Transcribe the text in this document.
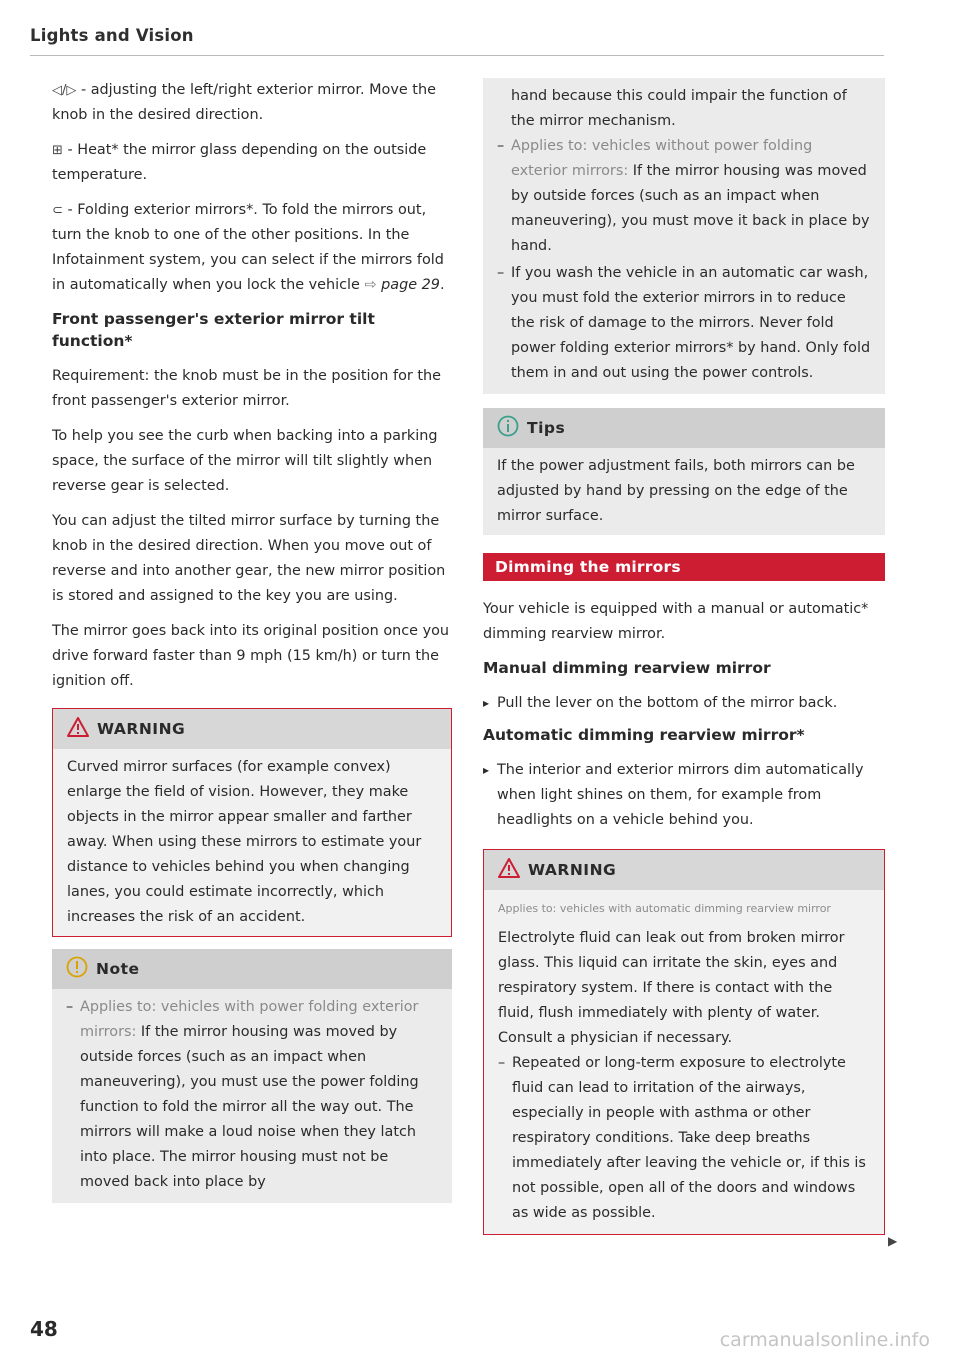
Lights and Vision

◁/▷ - adjusting the left/right exterior mirror. Move the knob in the desired direction.

⊞ - Heat* the mirror glass depending on the outside temperature.

⊂ - Folding exterior mirrors*. To fold the mirrors out, turn the knob to one of the other positions. In the Infotainment system, you can select if the mirrors fold in automatically when you lock the vehicle ⇨ page 29.

Front passenger's exterior mirror tilt function*

Requirement: the knob must be in the position for the front passenger's exterior mirror.

To help you see the curb when backing into a parking space, the surface of the mirror will tilt slightly when reverse gear is selected.

You can adjust the tilted mirror surface by turning the knob in the desired direction. When you move out of reverse and into another gear, the new mirror position is stored and assigned to the key you are using.

The mirror goes back into its original position once you drive forward faster than 9 mph (15 km/h) or turn the ignition off.

WARNING

Curved mirror surfaces (for example convex) enlarge the field of vision. However, they make objects in the mirror appear smaller and farther away. When using these mirrors to estimate your distance to vehicles behind you when changing lanes, you could estimate incorrectly, which increases the risk of an accident.

Note
– Applies to: vehicles with power folding exterior mirrors: If the mirror housing was moved by outside forces (such as an impact when maneuvering), you must use the power folding function to fold the mirror all the way out. The mirrors will make a loud noise when they latch into place. The mirror housing must not be moved back into place by

hand because this could impair the function of the mirror mechanism.

– Applies to: vehicles without power folding exterior mirrors: If the mirror housing was moved by outside forces (such as an impact when maneuvering), you must move it back in place by hand.
– If you wash the vehicle in an automatic car wash, you must fold the exterior mirrors in to reduce the risk of damage to the mirrors. Never fold power folding exterior mirrors* by hand. Only fold them in and out using the power controls.
Tips

If the power adjustment fails, both mirrors can be adjusted by hand by pressing on the edge of the mirror surface.

Dimming the mirrors

Your vehicle is equipped with a manual or automatic* dimming rearview mirror.

Manual dimming rearview mirror
▸ Pull the lever on the bottom of the mirror back.
Automatic dimming rearview mirror*
▸ The interior and exterior mirrors dim automatically when light shines on them, for example from headlights on a vehicle behind you.
WARNING
Applies to: vehicles with automatic dimming rearview mirror

Electrolyte fluid can leak out from broken mirror glass. This liquid can irritate the skin, eyes and respiratory system. If there is contact with the fluid, flush immediately with plenty of water. Consult a physician if necessary.

– Repeated or long-term exposure to electrolyte fluid can lead to irritation of the airways, especially in people with asthma or other respiratory conditions. Take deep breaths immediately after leaving the vehicle or, if this is not possible, open all of the doors and windows as wide as possible.
▶
48	carmanualsonline.info
